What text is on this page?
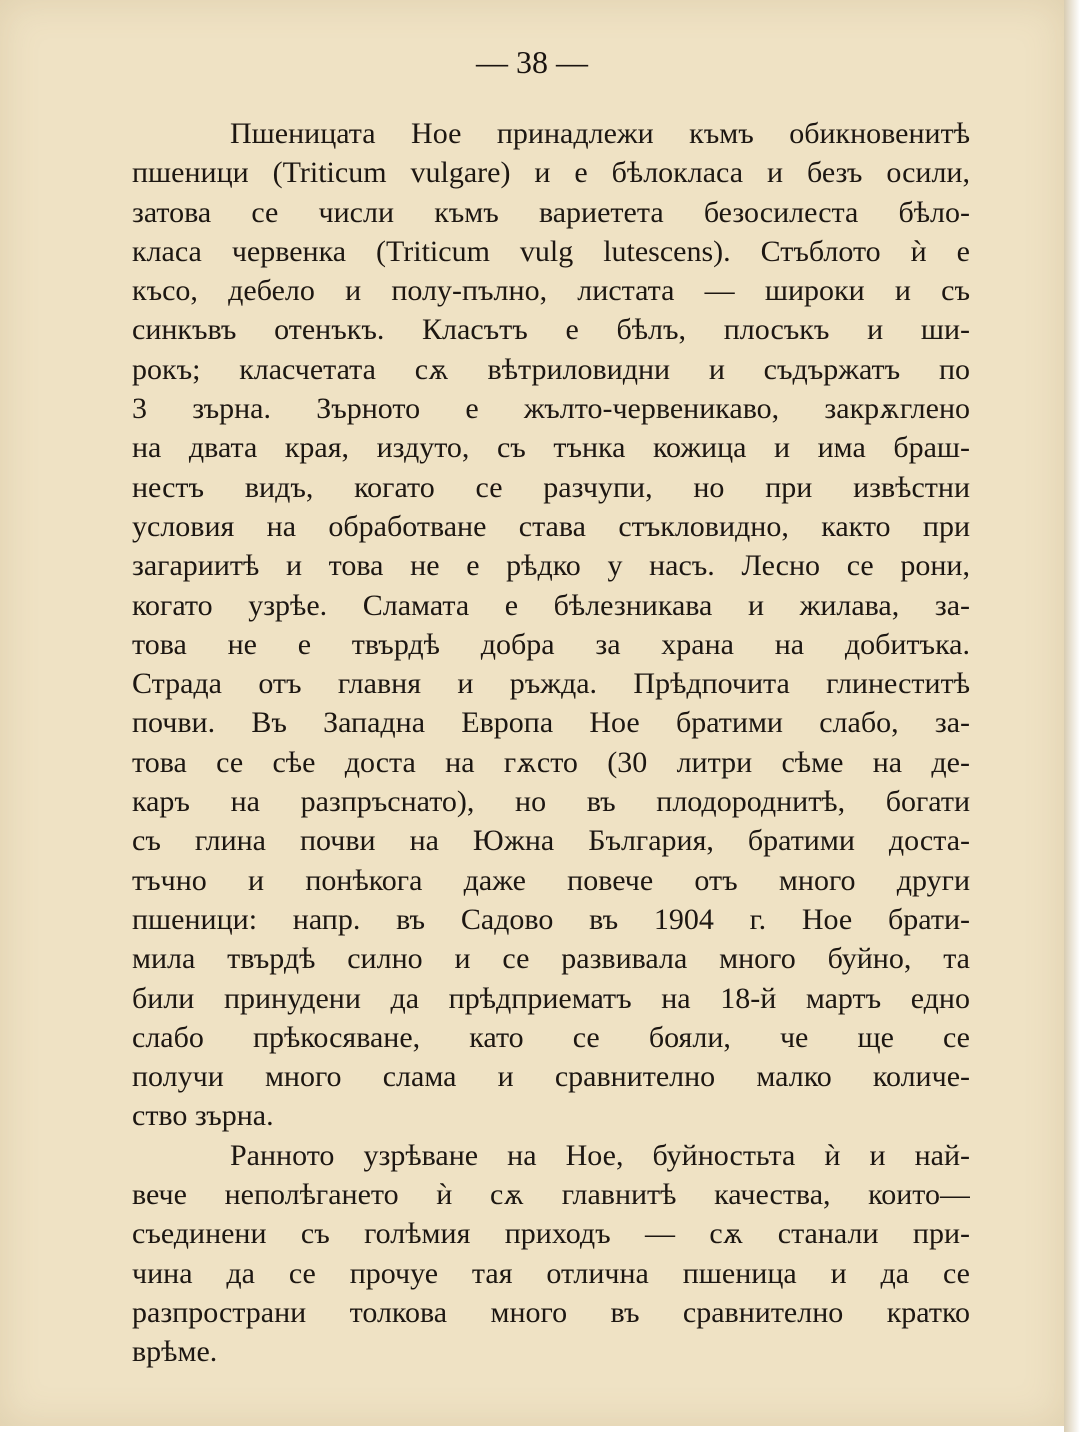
— 38 —
Пшеницата Ное принадлежи къмъ обикновенитѣ
пшеници (Triticum vulgare) и е бѣлокласа и безъ осили,
затова се числи къмъ вариетета безосилеста бѣло-
класа червенка (Triticum vulg lutescens). Стъблото ѝ е
късо, дебело и полу-пълно, листата — широки и съ
синкъвъ отенъкъ. Класътъ е бѣлъ, плосъкъ и ши-
рокъ; класчетата сѫ вѣтриловидни и съдържатъ по
3 зърна. Зърното е жълто-червеникаво, закрѫглено
на двата края, издуто, съ тънка кожица и има браш-
нестъ видъ, когато се разчупи, но при извѣстни
условия на обработване става стъкловидно, както при
загариитѣ и това не е рѣдко у насъ. Лесно се рони,
когато узрѣе. Сламата е бѣлезникава и жилава, за-
това не е твърдѣ добра за храна на добитъка.
Страда отъ главня и ръжда. Прѣдпочита глинеститѣ
почви. Въ Западна Европа Ное братими слабо, за-
това се сѣе доста на гѫсто (30 литри сѣме на де-
каръ на разпръснато), но въ плодороднитѣ, богати
съ глина почви на Южна България, братими доста-
тъчно и понѣкога даже повече отъ много други
пшеници: напр. въ Садово въ 1904 г. Ное брати-
мила твърдѣ силно и се развивала много буйно, та
били принудени да прѣдприематъ на 18-й мартъ едно
слабо прѣкосяване, като се бояли, че ще се
получи много слама и сравнително малко количе-
ство зърна.
Ранното узрѣване на Ное, буйностьта ѝ и най-
вече неполѣгането ѝ сѫ главнитѣ качества, които—
съединени съ голѣмия приходъ — сѫ станали при-
чина да се прочуе тая отлична пшеница и да се
разпространи толкова много въ сравнително кратко
врѣме.
